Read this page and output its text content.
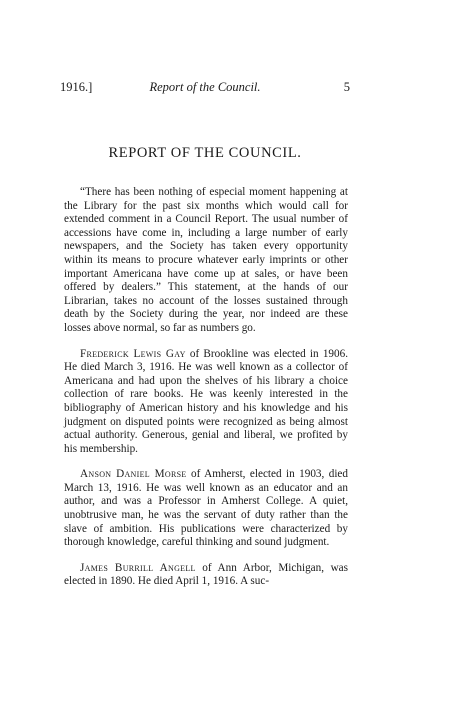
1916.]	Report of the Council.	5
REPORT OF THE COUNCIL.

“There has been nothing of especial moment happening at the Library for the past six months which would call for extended comment in a Council Report. The usual number of accessions have come in, including a large number of early newspapers, and the Society has taken every opportunity within its means to procure whatever early imprints or other important Americana have come up at sales, or have been offered by dealers.” This statement, at the hands of our Librarian, takes no account of the losses sustained through death by the Society during the year, nor indeed are these losses above normal, so far as numbers go.

Frederick Lewis Gay of Brookline was elected in 1906. He died March 3, 1916. He was well known as a collector of Americana and had upon the shelves of his library a choice collection of rare books. He was keenly interested in the bibliography of American history and his knowledge and his judgment on disputed points were recognized as being almost actual authority. Generous, genial and liberal, we profited by his membership.

Anson Daniel Morse of Amherst, elected in 1903, died March 13, 1916. He was well known as an educator and an author, and was a Professor in Amherst College. A quiet, unobtrusive man, he was the servant of duty rather than the slave of ambition. His publications were characterized by thorough knowledge, careful thinking and sound judgment.

James Burrill Angell of Ann Arbor, Michigan, was elected in 1890. He died April 1, 1916. A suc-
